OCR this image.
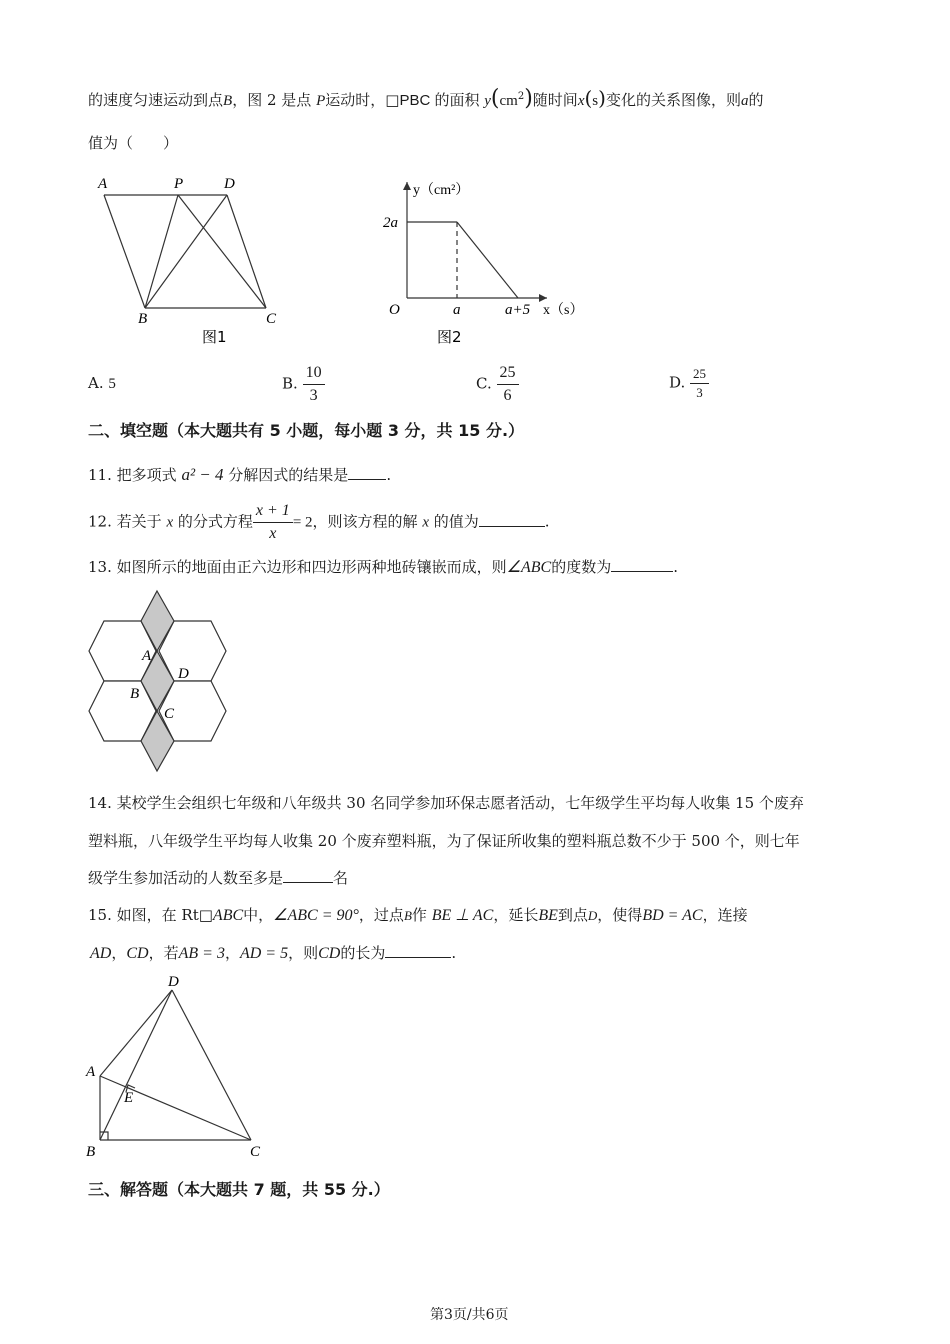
的速度匀速运动到点B，图 2 是点 P运动时，□PBC 的面积 $y(cm^2)$随时间x(s)变化的关系图像，则a的
值为（　　）
A	P	D
B	C
图1
y（cm²）
2a
O	a	a+5 x（s）
图2
A. 5	B. $\frac{10}{3}$	C. $\frac{25}{6}$	D. $\frac{25}{3}$
二、填空题（本大题共有 5 小题，每小题 3 分，共 15 分.）
11. 把多项式 a² − 4 分解因式的结果是	.
12. 若关于 x 的分式方程 $\frac{x + 1}{x} = 2$，则该方程的解 x 的值为	.
13. 如图所示的地面由正六边形和四边形两种地砖镶嵌而成，则∠ABC的度数为	.
A
D
B
C
14. 某校学生会组织七年级和八年级共 30 名同学参加环保志愿者活动，七年级学生平均每人收集 15 个废弃
塑料瓶，八年级学生平均每人收集 20 个废弃塑料瓶，为了保证所收集的塑料瓶总数不少于 500 个，则七年
级学生参加活动的人数至多是	名
15. 如图，在 Rt□ABC中，∠ABC = 90°，过点B作 BE ⊥ AC，延长BE到点D，使得BD = AC，连接
AD，CD，若AB = 3，AD = 5，则CD的长为	.
D
A
E
B	C
三、解答题（本大题共 7 题，共 55 分.）
第3页/共6页
